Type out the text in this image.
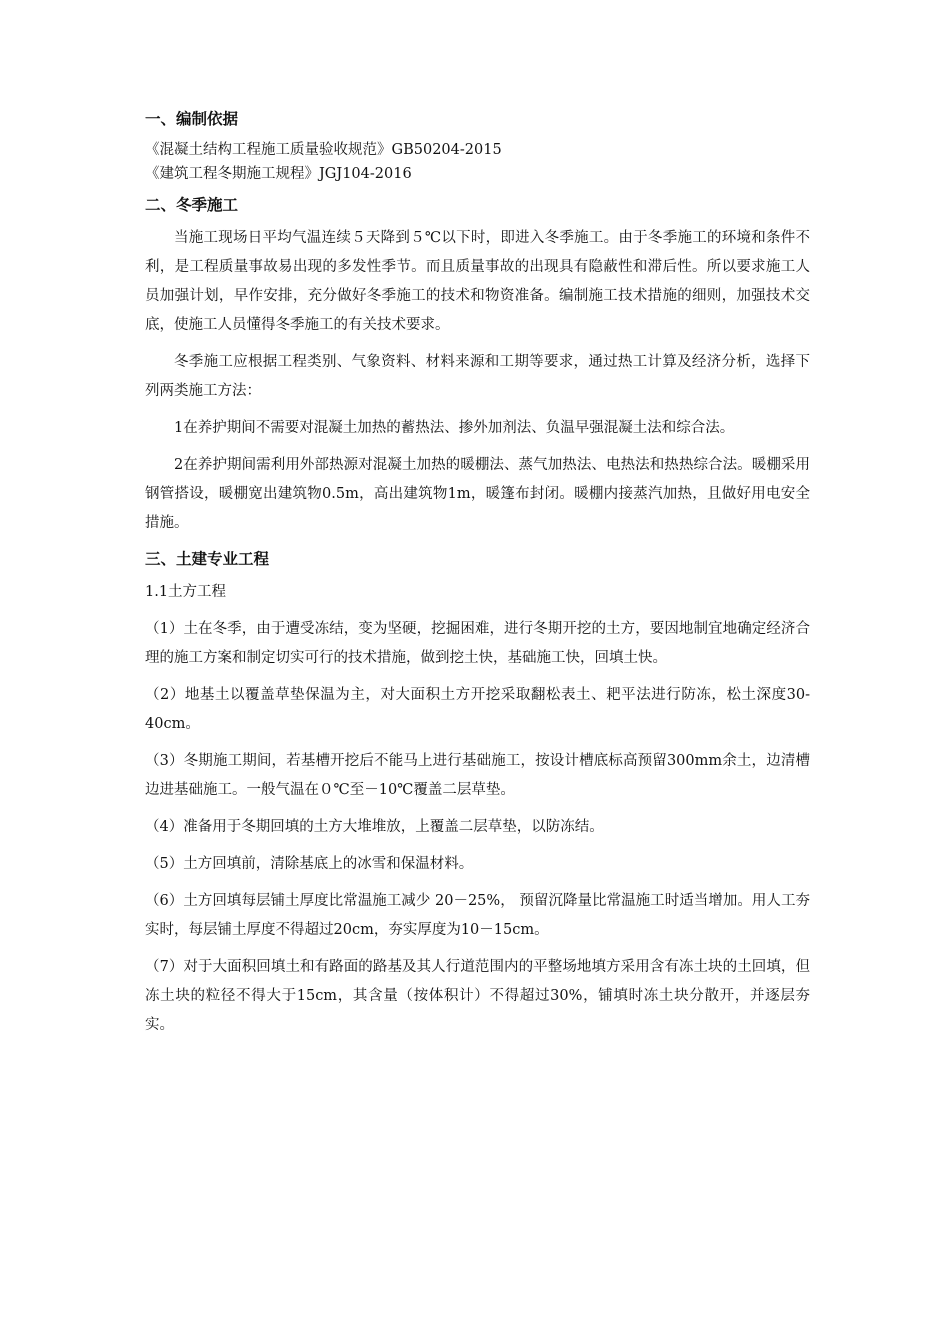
一、编制依据
《混凝土结构工程施工质量验收规范》GB50204-2015
《建筑工程冬期施工规程》JGJ104-2016
二、冬季施工

当施工现场日平均气温连续５天降到５℃以下时，即进入冬季施工。由于冬季施工的环境和条件不利，是工程质量事故易出现的多发性季节。而且质量事故的出现具有隐蔽性和滞后性。所以要求施工人员加强计划，早作安排，充分做好冬季施工的技术和物资准备。编制施工技术措施的细则，加强技术交底，使施工人员懂得冬季施工的有关技术要求。

冬季施工应根据工程类别、气象资料、材料来源和工期等要求，通过热工计算及经济分析，选择下列两类施工方法：

1在养护期间不需要对混凝土加热的蓄热法、掺外加剂法、负温早强混凝土法和综合法。

2在养护期间需利用外部热源对混凝土加热的暖棚法、蒸气加热法、电热法和热热综合法。暖棚采用钢管搭设，暖棚宽出建筑物0.5m，高出建筑物1m，暖篷布封闭。暖棚内接蒸汽加热，且做好用电安全措施。

三、土建专业工程
1.1土方工程

（1）土在冬季，由于遭受冻结，变为坚硬，挖掘困难，进行冬期开挖的土方，要因地制宜地确定经济合理的施工方案和制定切实可行的技术措施，做到挖土快，基础施工快，回填土快。

（2）地基土以覆盖草垫保温为主，对大面积土方开挖采取翻松表土、耙平法进行防冻，松土深度30-40cm。

（3）冬期施工期间，若基槽开挖后不能马上进行基础施工，按设计槽底标高预留300mm余土，边清槽边进基础施工。一般气温在０℃至－10℃覆盖二层草垫。

（4）准备用于冬期回填的土方大堆堆放，上覆盖二层草垫，以防冻结。

（5）土方回填前，清除基底上的冰雪和保温材料。

（6）土方回填每层铺土厚度比常温施工减少 20－25%， 预留沉降量比常温施工时适当增加。用人工夯实时，每层铺土厚度不得超过20cm，夯实厚度为10－15cm。

（7）对于大面积回填土和有路面的路基及其人行道范围内的平整场地填方采用含有冻土块的土回填，但冻土块的粒径不得大于15cm，其含量（按体积计）不得超过30%，铺填时冻土块分散开，并逐层夯实。
